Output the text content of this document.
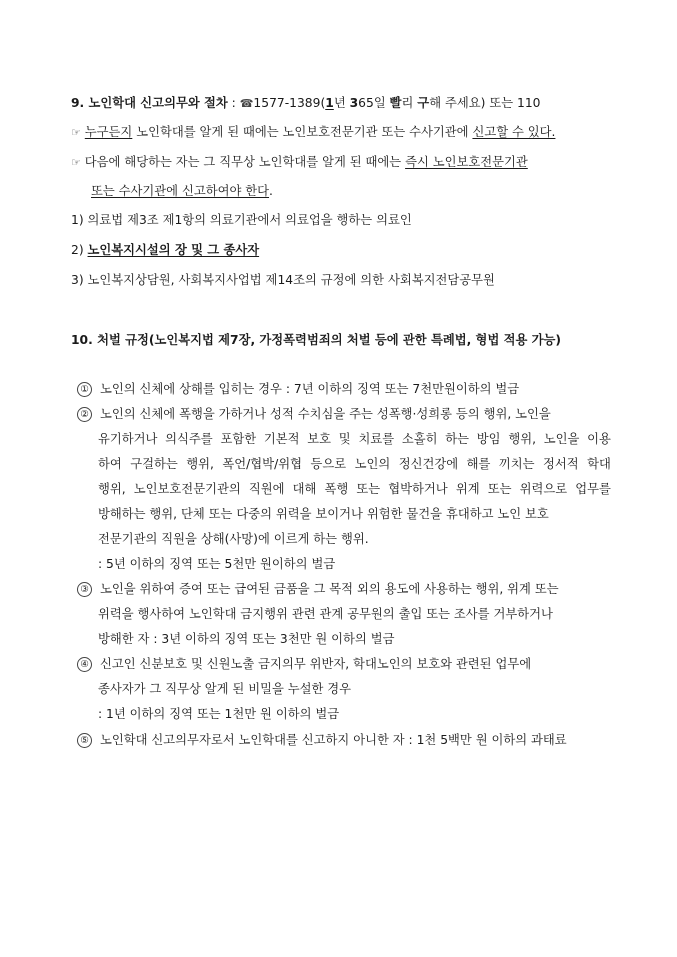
9. 노인학대 신고의무와 절차 : ☎1577-1389(1년 365일 빨리 구해 주세요) 또는 110
☞ 누구든지 노인학대를 알게 된 때에는 노인보호전문기관 또는 수사기관에 신고할 수 있다.
☞ 다음에 해당하는 자는 그 직무상 노인학대를 알게 된 때에는 즉시 노인보호전문기관
또는 수사기관에 신고하여야 한다.
1) 의료법 제3조 제1항의 의료기관에서 의료업을 행하는 의료인
2) 노인복지시설의 장 및 그 종사자
3) 노인복지상담원, 사회복지사업법 제14조의 규정에 의한 사회복지전담공무원
10. 처벌 규정(노인복지법 제7장, 가정폭력범죄의 처벌 등에 관한 특례법, 형법 적용 가능)
① 노인의 신체에 상해를 입히는 경우 : 7년 이하의 징역 또는 7천만원이하의 벌금
② 노인의 신체에 폭행을 가하거나 성적 수치심을 주는 성폭행·성희롱 등의 행위, 노인을
유기하거나 의식주를 포함한 기본적 보호 및 치료를 소홀히 하는 방임 행위, 노인을 이용
하여 구걸하는 행위, 폭언/협박/위협 등으로 노인의 정신건강에 해를 끼치는 정서적 학대
행위, 노인보호전문기관의 직원에 대해 폭행 또는 협박하거나 위계 또는 위력으로 업무를
방해하는 행위, 단체 또는 다중의 위력을 보이거나 위험한 물건을 휴대하고 노인 보호
전문기관의 직원을 상해(사망)에 이르게 하는 행위.
: 5년 이하의 징역 또는 5천만 원이하의 벌금
③ 노인을 위하여 증여 또는 급여된 금품을 그 목적 외의 용도에 사용하는 행위, 위계 또는
위력을 행사하여 노인학대 금지행위 관련 관계 공무원의 출입 또는 조사를 거부하거나
방해한 자 : 3년 이하의 징역 또는 3천만 원 이하의 벌금
④ 신고인 신분보호 및 신원노출 금지의무 위반자, 학대노인의 보호와 관련된 업무에
종사자가 그 직무상 알게 된 비밀을 누설한 경우
: 1년 이하의 징역 또는 1천만 원 이하의 벌금
⑤ 노인학대 신고의무자로서 노인학대를 신고하지 아니한 자 : 1천 5백만 원 이하의 과태료
